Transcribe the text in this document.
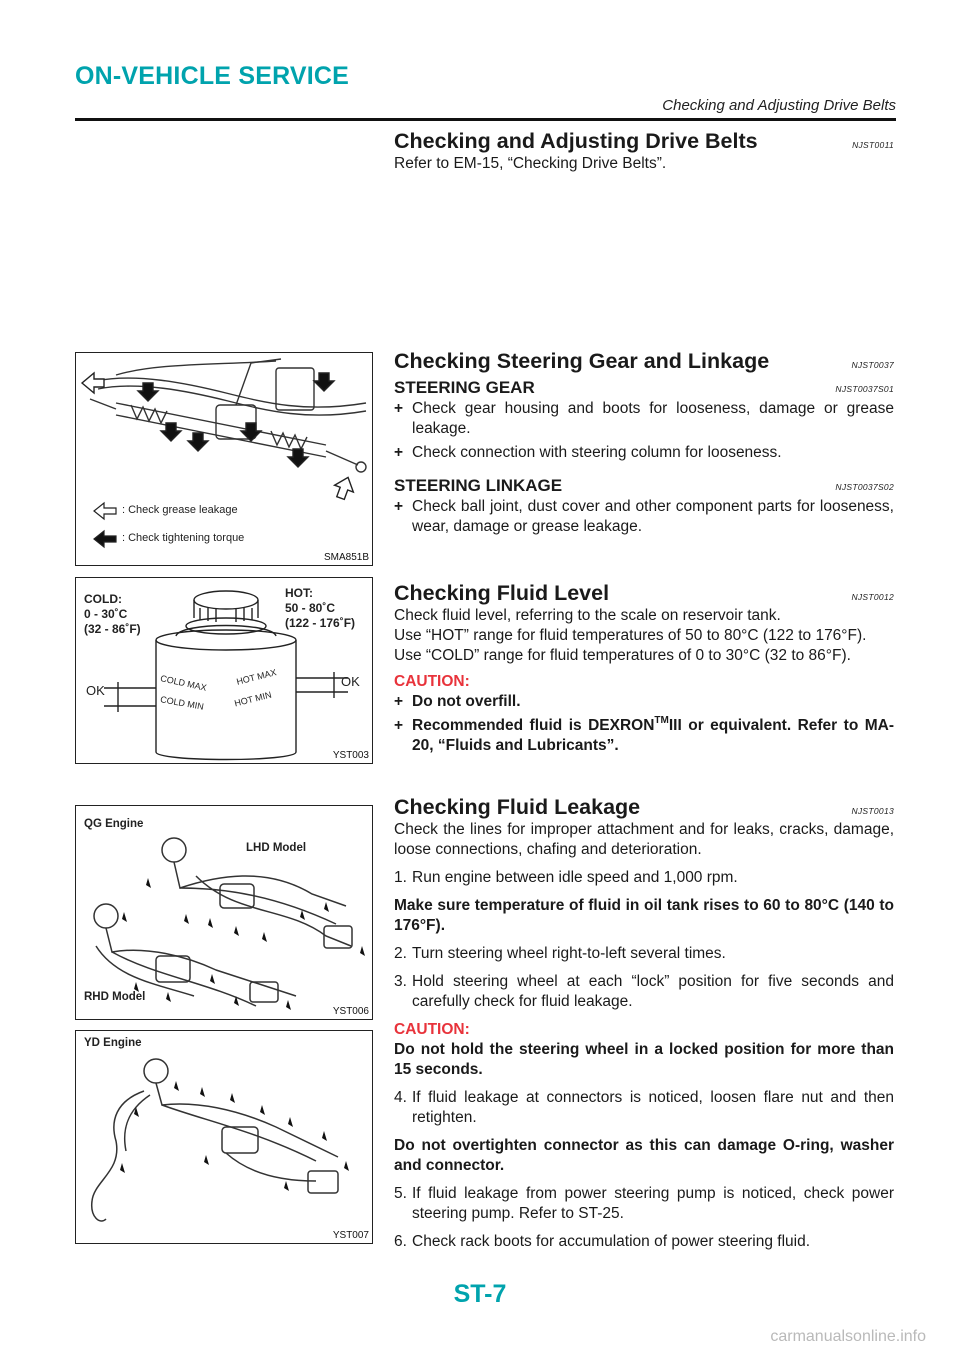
ON-VEHICLE SERVICE
Checking and Adjusting Drive Belts
Checking and Adjusting Drive Belts	NJST0011

Refer to EM-15, “Checking Drive Belts”.

Checking Steering Gear and Linkage	NJST0037
STEERING GEAR	NJST0037S01
+ Check gear housing and boots for looseness, damage or grease leakage.
+ Check connection with steering column for looseness.
STEERING LINKAGE	NJST0037S02
+ Check ball joint, dust cover and other component parts for looseness, wear, damage or grease leakage.
Checking Fluid Level	NJST0012

Check fluid level, referring to the scale on reservoir tank.

Use “HOT” range for fluid temperatures of 50 to 80°C (122 to 176°F).

Use “COLD” range for fluid temperatures of 0 to 30°C (32 to 86°F).

CAUTION:
+ Do not overfill.
+ Recommended fluid is DEXRON™III or equivalent. Refer to MA-20, “Fluids and Lubricants”.
Checking Fluid Leakage	NJST0013

Check the lines for improper attachment and for leaks, cracks, damage, loose connections, chafing and deterioration.

1. Run engine between idle speed and 1,000 rpm.

Make sure temperature of fluid in oil tank rises to 60 to 80°C (140 to 176°F).

2. Turn steering wheel right-to-left several times.
3. Hold steering wheel at each “lock” position for five seconds and carefully check for fluid leakage.
CAUTION:

Do not hold the steering wheel in a locked position for more than 15 seconds.

4. If fluid leakage at connectors is noticed, loosen flare nut and then retighten.

Do not overtighten connector as this can damage O-ring, washer and connector.

5. If fluid leakage from power steering pump is noticed, check power steering pump. Refer to ST-25.
6. Check rack boots for accumulation of power steering fluid.
: Check grease leakage
: Check tightening torque
SMA851B
COLD:
0 - 30˚C
(32 - 86˚F)
HOT:
50 - 80˚C
(122 - 176˚F)
OK
OK
COLD MAX
COLD MIN
HOT MAX
HOT MIN
YST003
QG Engine
LHD Model
RHD Model
YST006
YD Engine
YST007
ST-7
carmanualsonline.info
